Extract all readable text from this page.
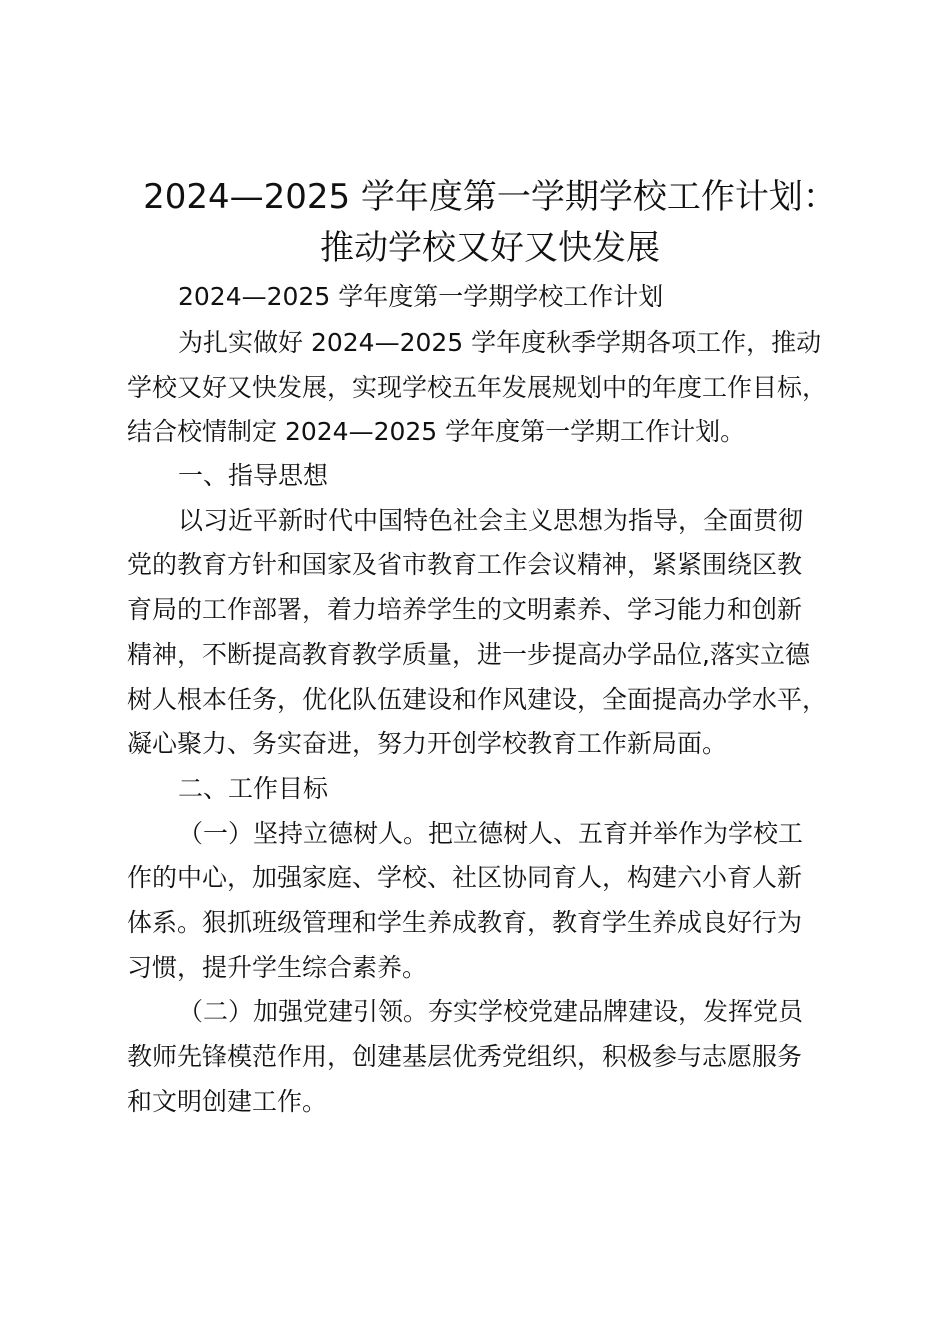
2024—2025 学年度第一学期学校工作计划：
推动学校又好又快发展
2024—2025 学年度第一学期学校工作计划
为扎实做好 2024—2025 学年度秋季学期各项工作，推动
学校又好又快发展，实现学校五年发展规划中的年度工作目标，
结合校情制定 2024—2025 学年度第一学期工作计划。
一、指导思想
以习近平新时代中国特色社会主义思想为指导，全面贯彻
党的教育方针和国家及省市教育工作会议精神，紧紧围绕区教
育局的工作部署，着力培养学生的文明素养、学习能力和创新
精神，不断提高教育教学质量，进一步提高办学品位,落实立德
树人根本任务，优化队伍建设和作风建设，全面提高办学水平，
凝心聚力、务实奋进，努力开创学校教育工作新局面。
二、工作目标
（一）坚持立德树人。把立德树人、五育并举作为学校工
作的中心，加强家庭、学校、社区协同育人，构建六小育人新
体系。狠抓班级管理和学生养成教育，教育学生养成良好行为
习惯，提升学生综合素养。
（二）加强党建引领。夯实学校党建品牌建设，发挥党员
教师先锋模范作用，创建基层优秀党组织，积极参与志愿服务
和文明创建工作。
